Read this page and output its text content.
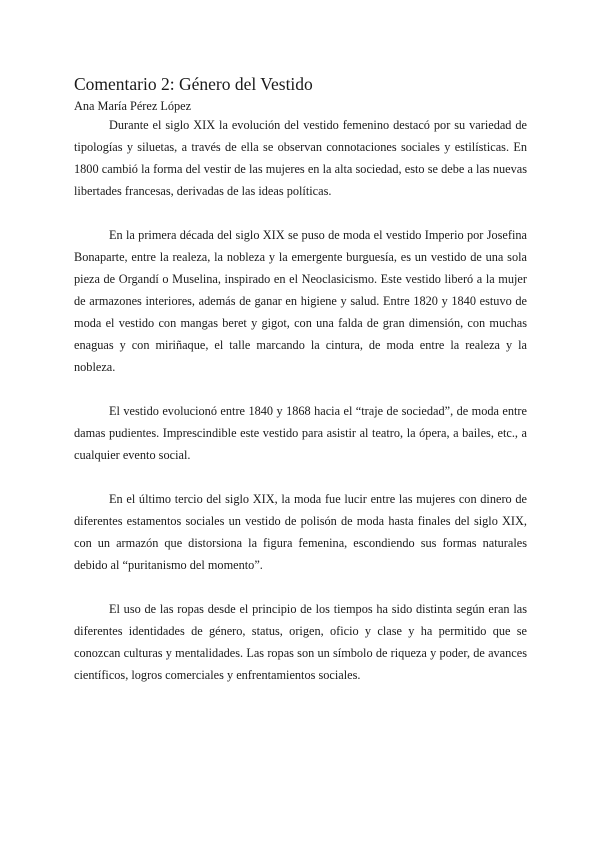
Comentario 2: Género del Vestido
Ana María Pérez López

Durante el siglo XIX la evolución del vestido femenino destacó por su variedad de tipologías y siluetas, a través de ella se observan connotaciones sociales y estilísticas. En 1800 cambió la forma del vestir de las mujeres en la alta sociedad, esto se debe a las nuevas libertades francesas, derivadas de las ideas políticas.

En la primera década del siglo XIX se puso de moda el vestido Imperio por Josefina Bonaparte, entre la realeza, la nobleza y la emergente burguesía, es un vestido de una sola pieza de Organdí o Muselina, inspirado en el Neoclasicismo. Este vestido liberó a la mujer de armazones interiores, además de ganar en higiene y salud. Entre 1820 y 1840 estuvo de moda el vestido con mangas beret y gigot, con una falda de gran dimensión, con muchas enaguas y con miriñaque, el talle marcando la cintura, de moda entre la realeza y la nobleza.

El vestido evolucionó entre 1840 y 1868 hacia el “traje de sociedad”, de moda entre damas pudientes. Imprescindible este vestido para asistir al teatro, la ópera, a bailes, etc., a cualquier evento social.

En el último tercio del siglo XIX, la moda fue lucir entre las mujeres con dinero de diferentes estamentos sociales un vestido de polisón de moda hasta finales del siglo XIX, con un armazón que distorsiona la figura femenina, escondiendo sus formas naturales debido al “puritanismo del momento”.

El uso de las ropas desde el principio de los tiempos ha sido distinta según eran las diferentes identidades de género, status, origen, oficio y clase y ha permitido que se conozcan culturas y mentalidades. Las ropas son un símbolo de riqueza y poder, de avances científicos, logros comerciales y enfrentamientos sociales.
